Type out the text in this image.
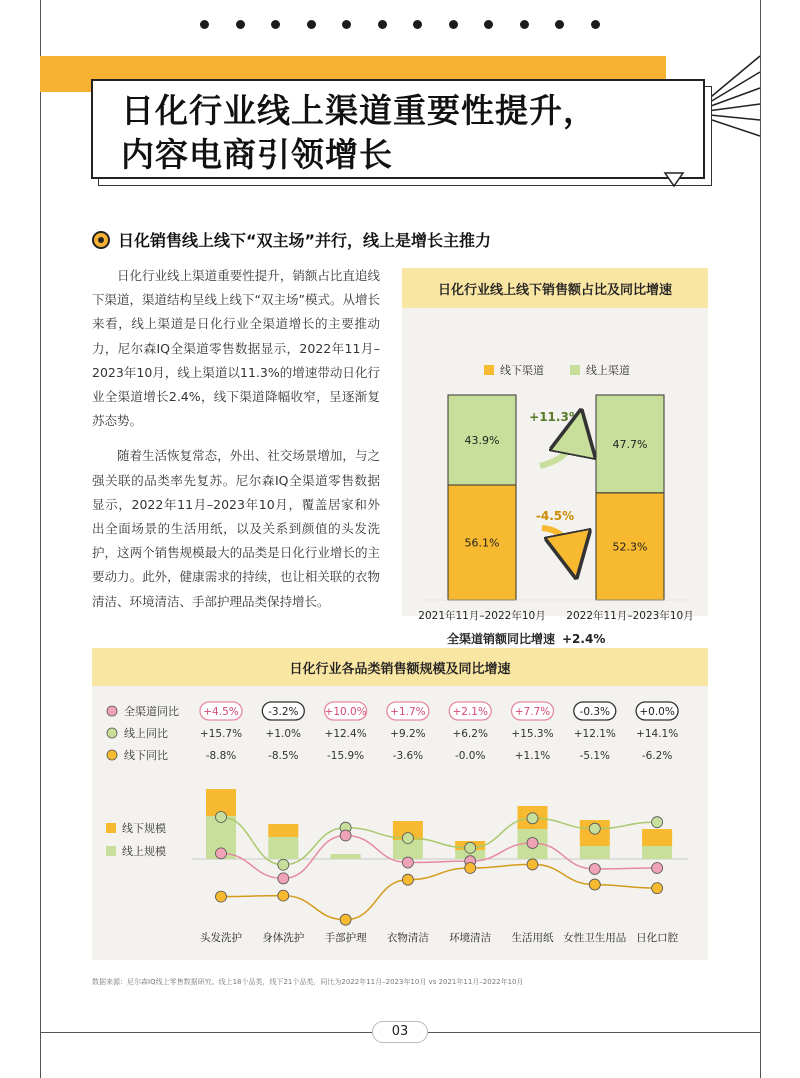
日化行业线上渠道重要性提升，
内容电商引领增长
日化销售线上线下“双主场”并行，线上是增长主推力

日化行业线上渠道重要性提升，销额占比直追线下渠道，渠道结构呈线上线下“双主场”模式。从增长来看，线上渠道是日化行业全渠道增长的主要推动力，尼尔森IQ全渠道零售数据显示，2022年11月–2023年10月，线上渠道以11.3%的增速带动日化行业全渠道增长2.4%，线下渠道降幅收窄，呈逐渐复苏态势。

随着生活恢复常态，外出、社交场景增加，与之强关联的品类率先复苏。尼尔森IQ全渠道零售数据显示，2022年11月–2023年10月，覆盖居家和外出全面场景的生活用纸，以及关系到颜值的头发洗护，这两个销售规模最大的品类是日化行业增长的主要动力。此外，健康需求的持续，也让相关联的衣物清洁、环境清洁、手部护理品类保持增长。

日化行业线上线下销售额占比及同比增速
线下渠道	线上渠道
56.1%
43.9%
2021年11月–2022年10月
52.3%
47.7%
2022年11月–2023年10月
+11.3%
-4.5%
全渠道销额同比增速 +2.4%
日化行业各品类销售额规模及同比增速
全渠道同比
线上同比
线下同比
线下规模
线上规模
+4.5%	-3.2% +10.0% +1.7%	+2.1%	+7.7%	-0.3%	+0.0%
+15.7% +1.0% +12.4% +9.2%	+6.2% +15.3% +12.1% +14.1%
-8.8%	-8.5%	-15.9%	-3.6%	-0.0%	+1.1%	-5.1%	-6.2%
头发洗护 身体洗护 手部护理 衣物清洁 环境清洁 生活用纸 女性卫生用品 日化口腔
数据来源：尼尔森IQ线上零售数据研究。线上18个品类，线下21个品类，同比为2022年11月–2023年10月 vs 2021年11月–2022年10月
03
